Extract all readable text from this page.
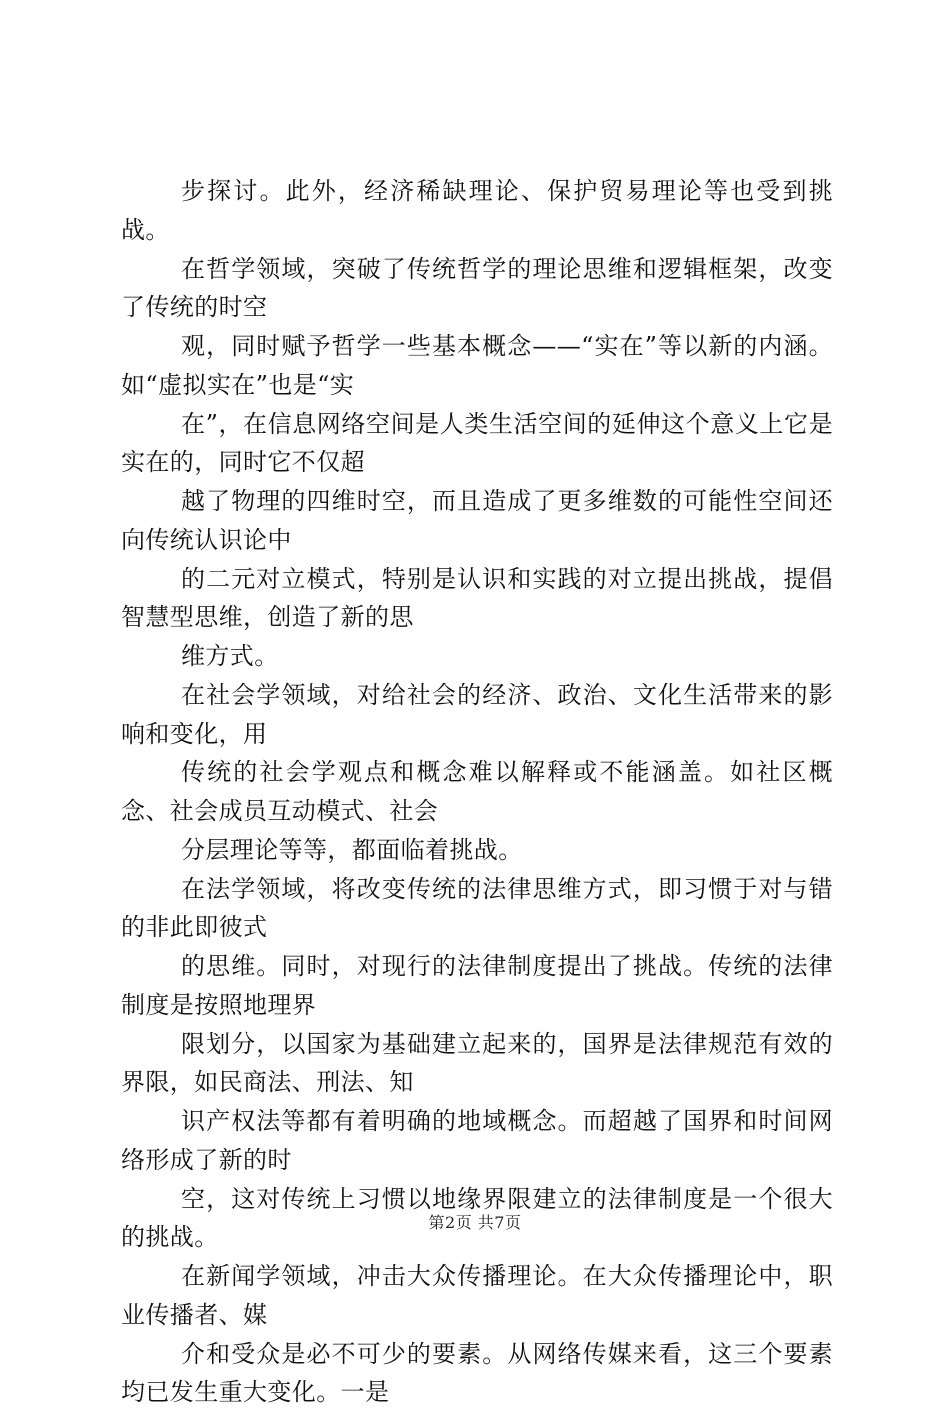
步探讨。此外，经济稀缺理论、保护贸易理论等也受到挑战。

在哲学领域，突破了传统哲学的理论思维和逻辑框架，改变了传统的时空

观，同时赋予哲学一些基本概念——“实在”等以新的内涵。如“虚拟实在”也是“实

在”，在信息网络空间是人类生活空间的延伸这个意义上它是实在的，同时它不仅超

越了物理的四维时空，而且造成了更多维数的可能性空间还向传统认识论中

的二元对立模式，特别是认识和实践的对立提出挑战，提倡智慧型思维，创造了新的思

维方式。

在社会学领域，对给社会的经济、政治、文化生活带来的影响和变化，用

传统的社会学观点和概念难以解释或不能涵盖。如社区概念、社会成员互动模式、社会

分层理论等等，都面临着挑战。

在法学领域，将改变传统的法律思维方式，即习惯于对与错的非此即彼式

的思维。同时，对现行的法律制度提出了挑战。传统的法律制度是按照地理界

限划分，以国家为基础建立起来的，国界是法律规范有效的界限，如民商法、刑法、知

识产权法等都有着明确的地域概念。而超越了国界和时间网络形成了新的时

空，这对传统上习惯以地缘界限建立的法律制度是一个很大的挑战。

在新闻学领域，冲击大众传播理论。在大众传播理论中，职业传播者、媒

介和受众是必不可少的要素。从网络传媒来看，这三个要素均已发生重大变化。一是

第2页 共7页
